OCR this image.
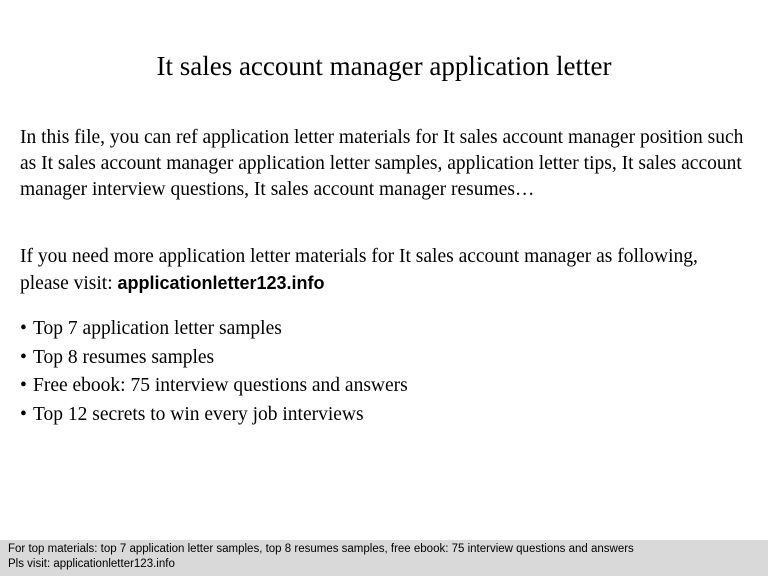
It sales account manager application letter

In this file, you can ref application letter materials for It sales account manager position such as It sales account manager application letter samples, application letter tips, It sales account manager interview questions, It sales account manager resumes…

If you need more application letter materials for It sales account manager as following, please visit: applicationletter123.info

• Top 7 application letter samples
• Top 8 resumes samples
• Free ebook: 75 interview questions and answers
• Top 12 secrets to win every job interviews
For top materials: top 7 application letter samples, top 8 resumes samples, free ebook: 75 interview questions and answers
Pls visit: applicationletter123.info
